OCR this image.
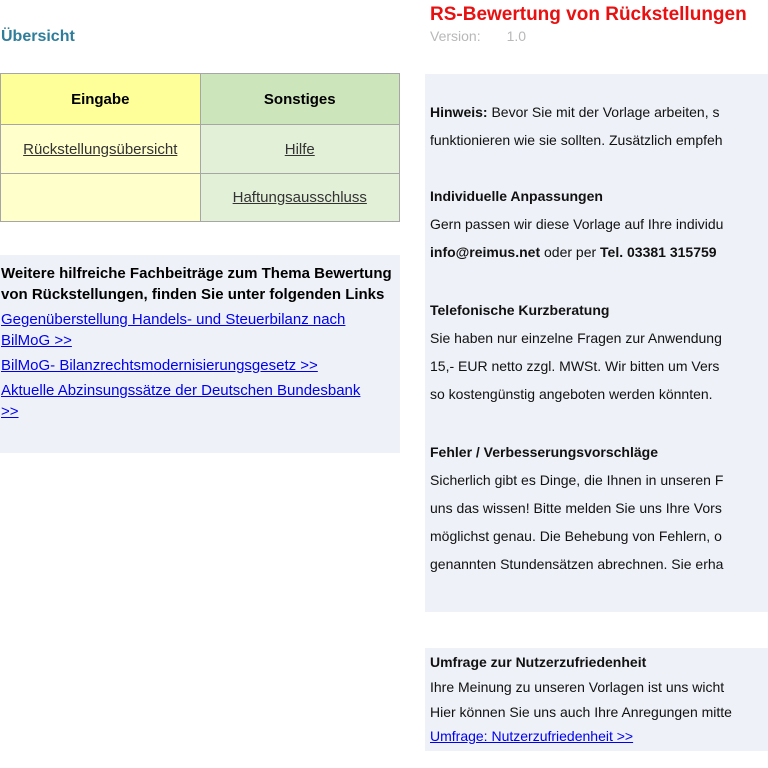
Übersicht
Eingabe	Sonstiges
Rückstellungsübersicht	Hilfe
	Haftungsausschluss
Weitere hilfreiche Fachbeiträge zum Thema Bewertung von Rückstellungen, finden Sie unter folgenden Links
Gegenüberstellung Handels- und Steuerbilanz nach BilMoG >>
BilMoG- Bilanzrechtsmodernisierungsgesetz >>
Aktuelle Abzinsungssätze der Deutschen Bundesbank >>
RS-Bewertung von Rückstellungen
Version: 1.0
Hinweis: Bevor Sie mit der Vorlage arbeiten, s
funktionieren wie sie sollten. Zusätzlich empfeh
Individuelle Anpassungen
Gern passen wir diese Vorlage auf Ihre individu
info@reimus.net oder per Tel. 03381 315759
Telefonische Kurzberatung
Sie haben nur einzelne Fragen zur Anwendung
15,- EUR netto zzgl. MWSt. Wir bitten um Vers
so kostengünstig angeboten werden könnten.
Fehler / Verbesserungsvorschläge
Sicherlich gibt es Dinge, die Ihnen in unseren F
uns das wissen! Bitte melden Sie uns Ihre Vors
möglichst genau. Die Behebung von Fehlern, o
genannten Stundensätzen abrechnen. Sie erha
Umfrage zur Nutzerzufriedenheit
Ihre Meinung zu unseren Vorlagen ist uns wicht
Hier können Sie uns auch Ihre Anregungen mitte
Umfrage: Nutzerzufriedenheit >>
